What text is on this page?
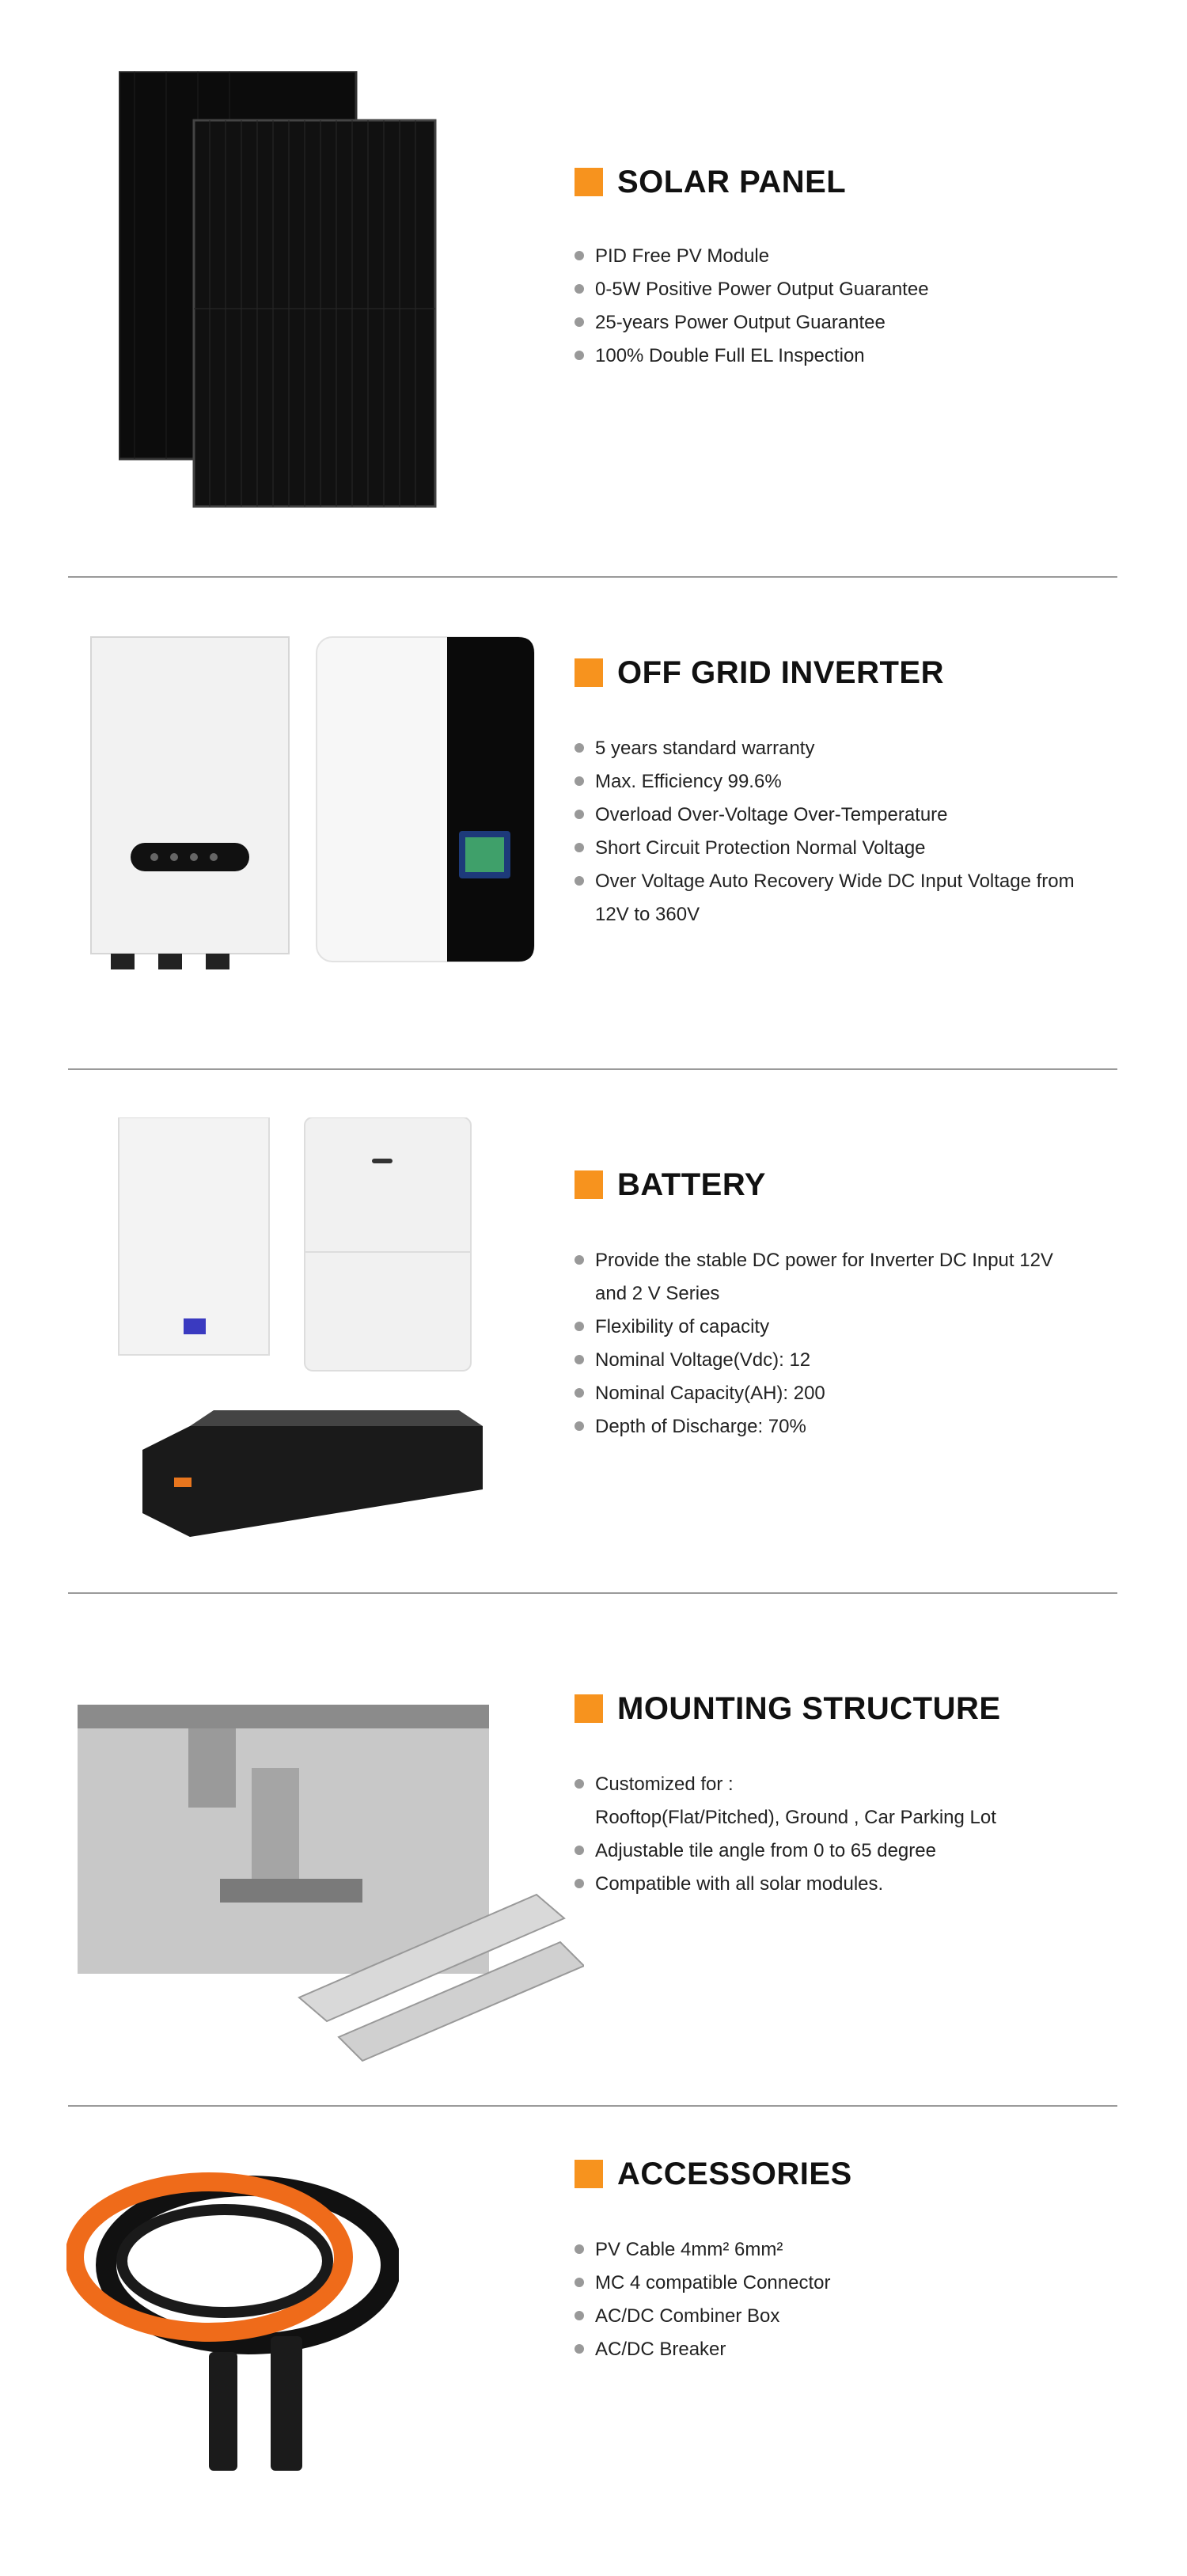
SOLAR PANEL
PID Free PV Module
0-5W Positive Power Output Guarantee
25-years Power Output Guarantee
100% Double Full EL Inspection
OFF GRID INVERTER
5 years standard warranty
Max. Efficiency 99.6%
Overload Over-Voltage Over-Temperature
Short Circuit Protection Normal Voltage
Over Voltage Auto Recovery Wide DC Input Voltage from
12V to 360V
BATTERY
Provide the stable DC power for Inverter DC Input 12V
and 2 V Series
Flexibility of capacity
Nominal Voltage(Vdc): 12
Nominal Capacity(AH): 200
Depth of Discharge: 70%
MOUNTING STRUCTURE
Customized for :
Rooftop(Flat/Pitched), Ground , Car Parking Lot
Adjustable tile angle from 0 to 65 degree
Compatible with all solar modules.
ACCESSORIES
PV Cable 4mm² 6mm²
MC 4 compatible Connector
AC/DC Combiner Box
AC/DC Breaker
